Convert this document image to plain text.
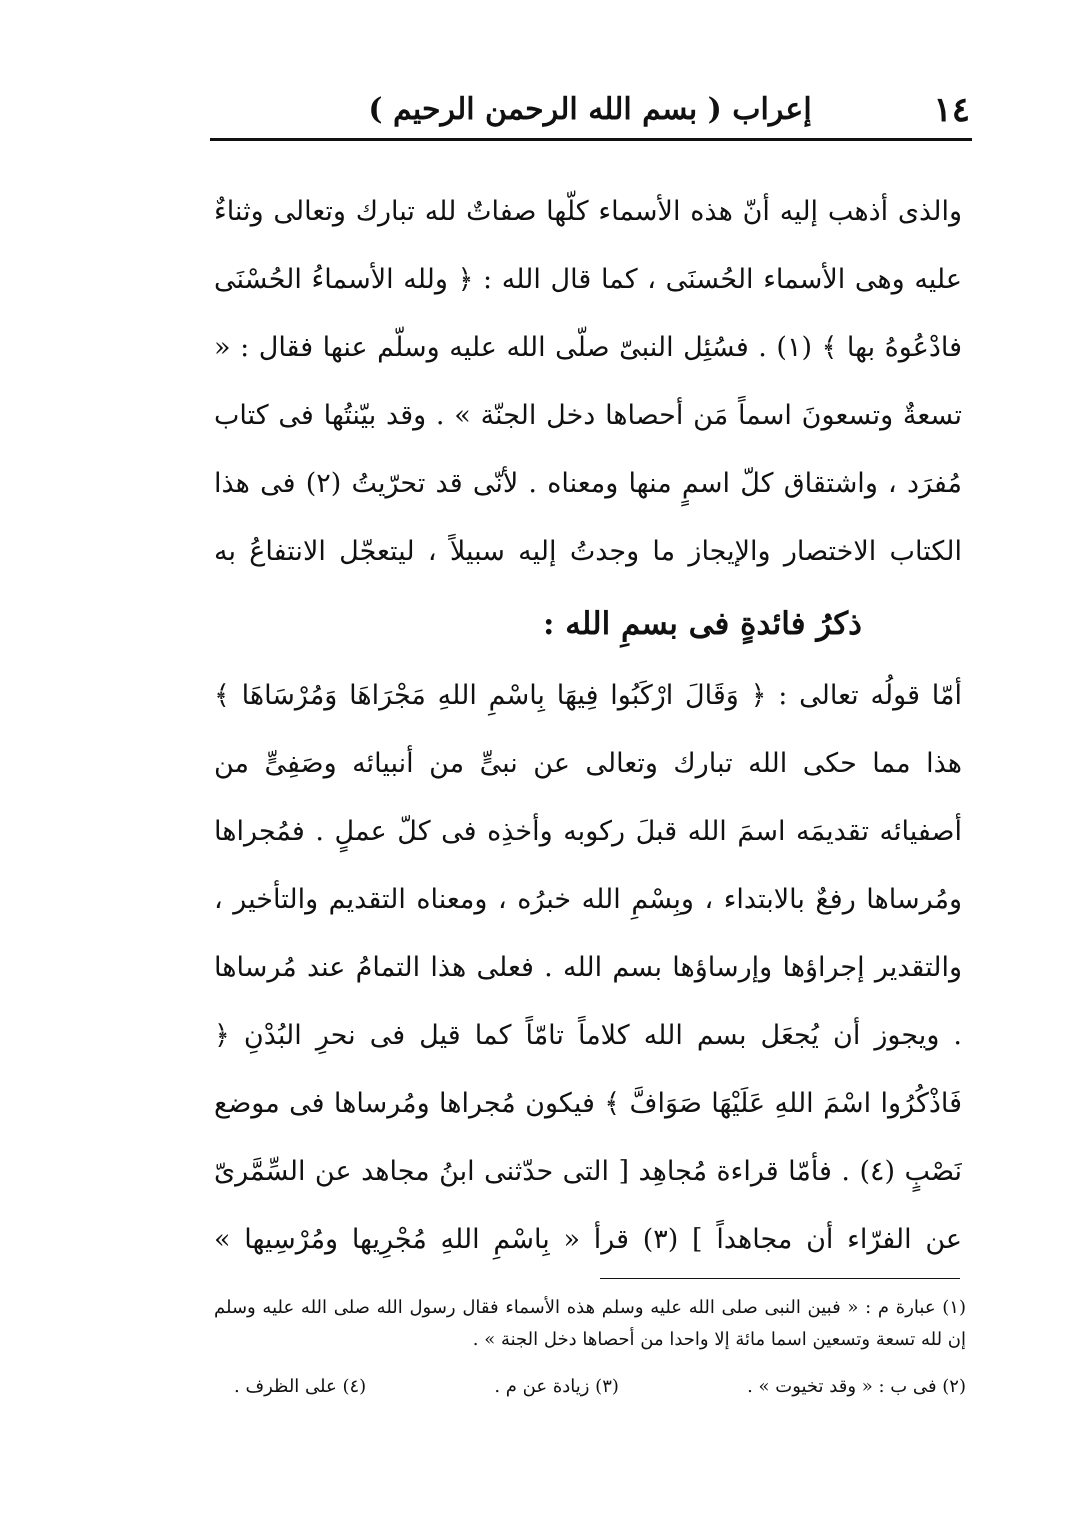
١٤
إعراب ( بسم الله الرحمن الرحيم )

والذى أذهب إليه أنّ هذه الأسماء كلّها صفاتٌ لله تبارك وتعالى وثناءٌ عليه وهى الأسماء الحُسنَى ، كما قال الله : ﴿ ولله الأسماءُ الحُسْنَى فادْعُوهُ بها ﴾ (١) . فسُئِل النبىّ صلّى الله عليه وسلّم عنها فقال : « تسعةٌ وتسعونَ اسماً مَن أحصاها دخل الجنّة » . وقد بيّنتُها فى كتاب مُفرَد ، واشتقاق كلّ اسمٍ منها ومعناه . لأنّى قد تحرّيتُ (٢) فى هذا الكتاب الاختصار والإيجاز ما وجدتُ إليه سبيلاً ، ليتعجّل الانتفاعُ به

ذكرُ فائدةٍ فى بسمِ الله :

أمّا قولُه تعالى : ﴿ وَقَالَ ارْكَبُوا فِيهَا بِاسْمِ اللهِ مَجْرَاهَا وَمُرْسَاهَا ﴾ هذا مما حكى الله تبارك وتعالى عن نبىٍّ من أنبيائه وصَفِىٍّ من أصفيائه تقديمَه اسمَ الله قبلَ ركوبه وأخذِه فى كلّ عملٍ . فمُجراها ومُرساها رفعٌ بالابتداء ، وبِسْمِ الله خبرُه ، ومعناه التقديم والتأخير ، والتقدير إجراؤها وإرساؤها بسم الله . فعلى هذا التمامُ عند مُرساها . ويجوز أن يُجعَل بسم الله كلاماً تامّاً كما قيل فى نحرِ البُدْنِ ﴿ فَاذْكُرُوا اسْمَ اللهِ عَلَيْهَا صَوَافَّ ﴾ فيكون مُجراها ومُرساها فى موضع نَصْبٍ (٤) . فأمّا قراءة مُجاهِد [ التى حدّثنى ابنُ مجاهد عن السِّمَّرىّ عن الفرّاء أن مجاهداً ] (٣) قرأ « بِاسْمِ اللهِ مُجْرِيها ومُرْسِيها »

(١) عبارة م : « فبين النبى صلى الله عليه وسلم هذه الأسماء فقال رسول الله صلى الله عليه وسلم إن لله تسعة وتسعين اسما مائة إلا واحدا من أحصاها دخل الجنة » .

(٢) فى ب : « وقد تخيوت » .
(٣) زيادة عن م .
(٤) على الظرف .
